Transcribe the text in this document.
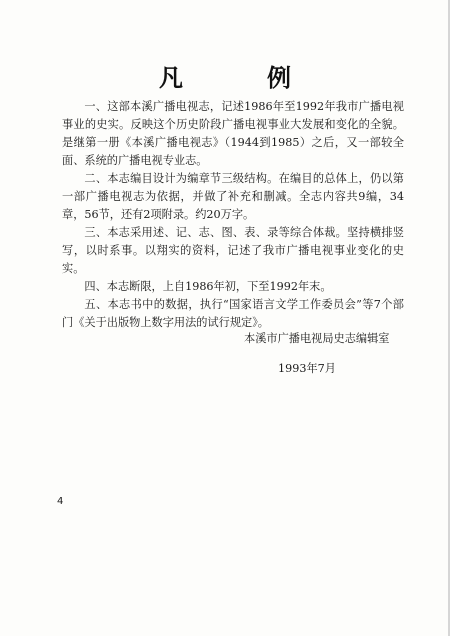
凡　例

一、这部本溪广播电视志，记述1986年至1992年我市广播电视事业的史实。反映这个历史阶段广播电视事业大发展和变化的全貌。是继第一册《本溪广播电视志》（1944到1985）之后，又一部较全面、系统的广播电视专业志。

二、本志编目设计为编章节三级结构。在编目的总体上，仍以第一部广播电视志为依据，并做了补充和删减。全志内容共9编，34章，56节，还有2项附录。约20万字。

三、本志采用述、记、志、图、表、录等综合体裁。坚持横排竖写，以时系事。以翔实的资料，记述了我市广播电视事业变化的史实。

四、本志断限，上自1986年初，下至1992年末。

五、本志书中的数据，执行“国家语言文学工作委员会”等7个部门《关于出版物上数字用法的试行规定》。

本溪市广播电视局史志编辑室
1993年7月
4
